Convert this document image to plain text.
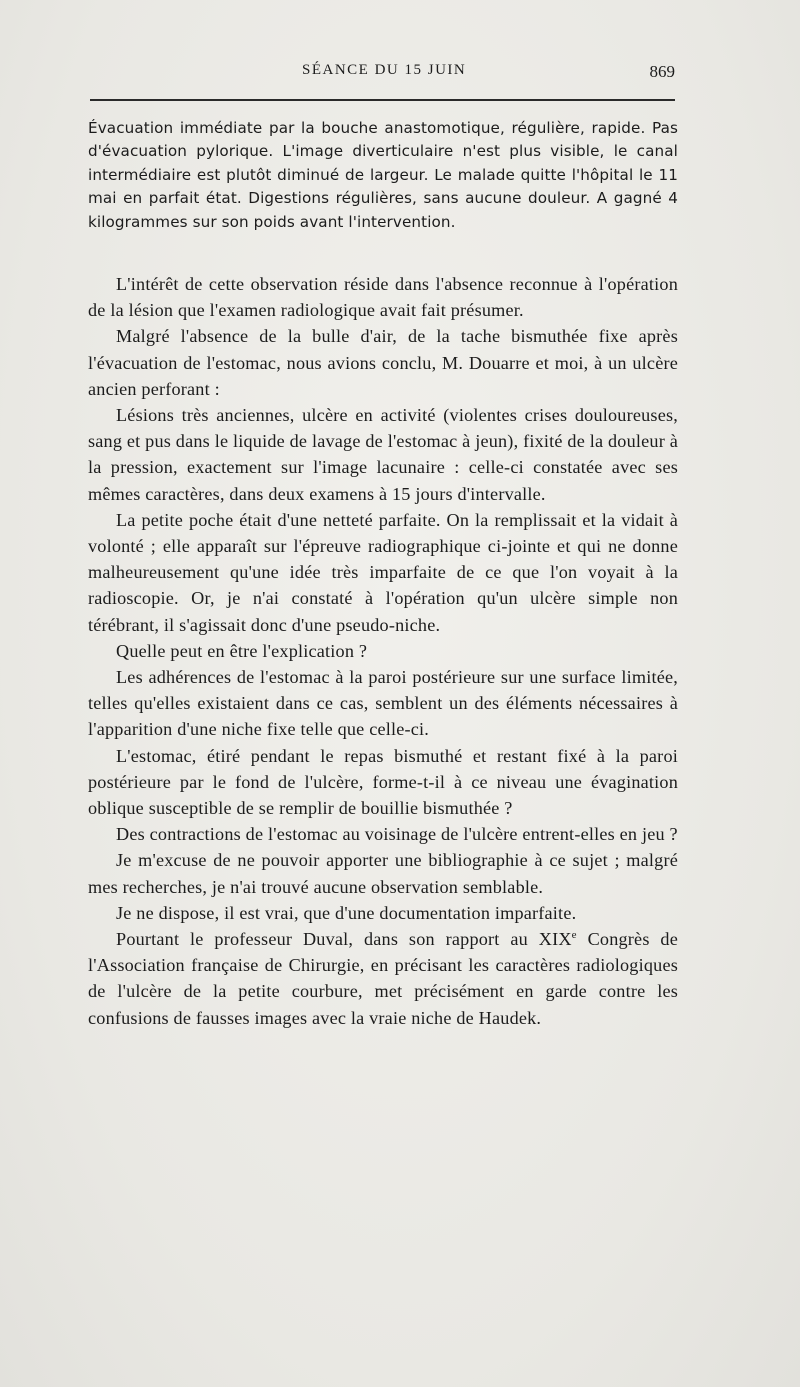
SÉANCE DU 15 JUIN	869
Évacuation immédiate par la bouche anastomotique, régulière, rapide. Pas d'évacuation pylorique. L'image diverticulaire n'est plus visible, le canal intermédiaire est plutôt diminué de largeur. Le malade quitte l'hôpital le 11 mai en parfait état. Digestions régulières, sans aucune douleur. A gagné 4 kilogrammes sur son poids avant l'intervention.

L'intérêt de cette observation réside dans l'absence reconnue à l'opération de la lésion que l'examen radiologique avait fait présumer.

Malgré l'absence de la bulle d'air, de la tache bismuthée fixe après l'évacuation de l'estomac, nous avions conclu, M. Douarre et moi, à un ulcère ancien perforant :

Lésions très anciennes, ulcère en activité (violentes crises douloureuses, sang et pus dans le liquide de lavage de l'estomac à jeun), fixité de la douleur à la pression, exactement sur l'image lacunaire : celle-ci constatée avec ses mêmes caractères, dans deux examens à 15 jours d'intervalle.

La petite poche était d'une netteté parfaite. On la remplissait et la vidait à volonté ; elle apparaît sur l'épreuve radiographique ci-jointe et qui ne donne malheureusement qu'une idée très imparfaite de ce que l'on voyait à la radioscopie. Or, je n'ai constaté à l'opération qu'un ulcère simple non térébrant, il s'agissait donc d'une pseudo-niche.

Quelle peut en être l'explication ?

Les adhérences de l'estomac à la paroi postérieure sur une surface limitée, telles qu'elles existaient dans ce cas, semblent un des éléments nécessaires à l'apparition d'une niche fixe telle que celle-ci.

L'estomac, étiré pendant le repas bismuthé et restant fixé à la paroi postérieure par le fond de l'ulcère, forme-t-il à ce niveau une évagination oblique susceptible de se remplir de bouillie bismuthée ?

Des contractions de l'estomac au voisinage de l'ulcère entrent-elles en jeu ?

Je m'excuse de ne pouvoir apporter une bibliographie à ce sujet ; malgré mes recherches, je n'ai trouvé aucune observation semblable.

Je ne dispose, il est vrai, que d'une documentation imparfaite.

Pourtant le professeur Duval, dans son rapport au XIXe Congrès de l'Association française de Chirurgie, en précisant les caractères radiologiques de l'ulcère de la petite courbure, met précisément en garde contre les confusions de fausses images avec la vraie niche de Haudek.
